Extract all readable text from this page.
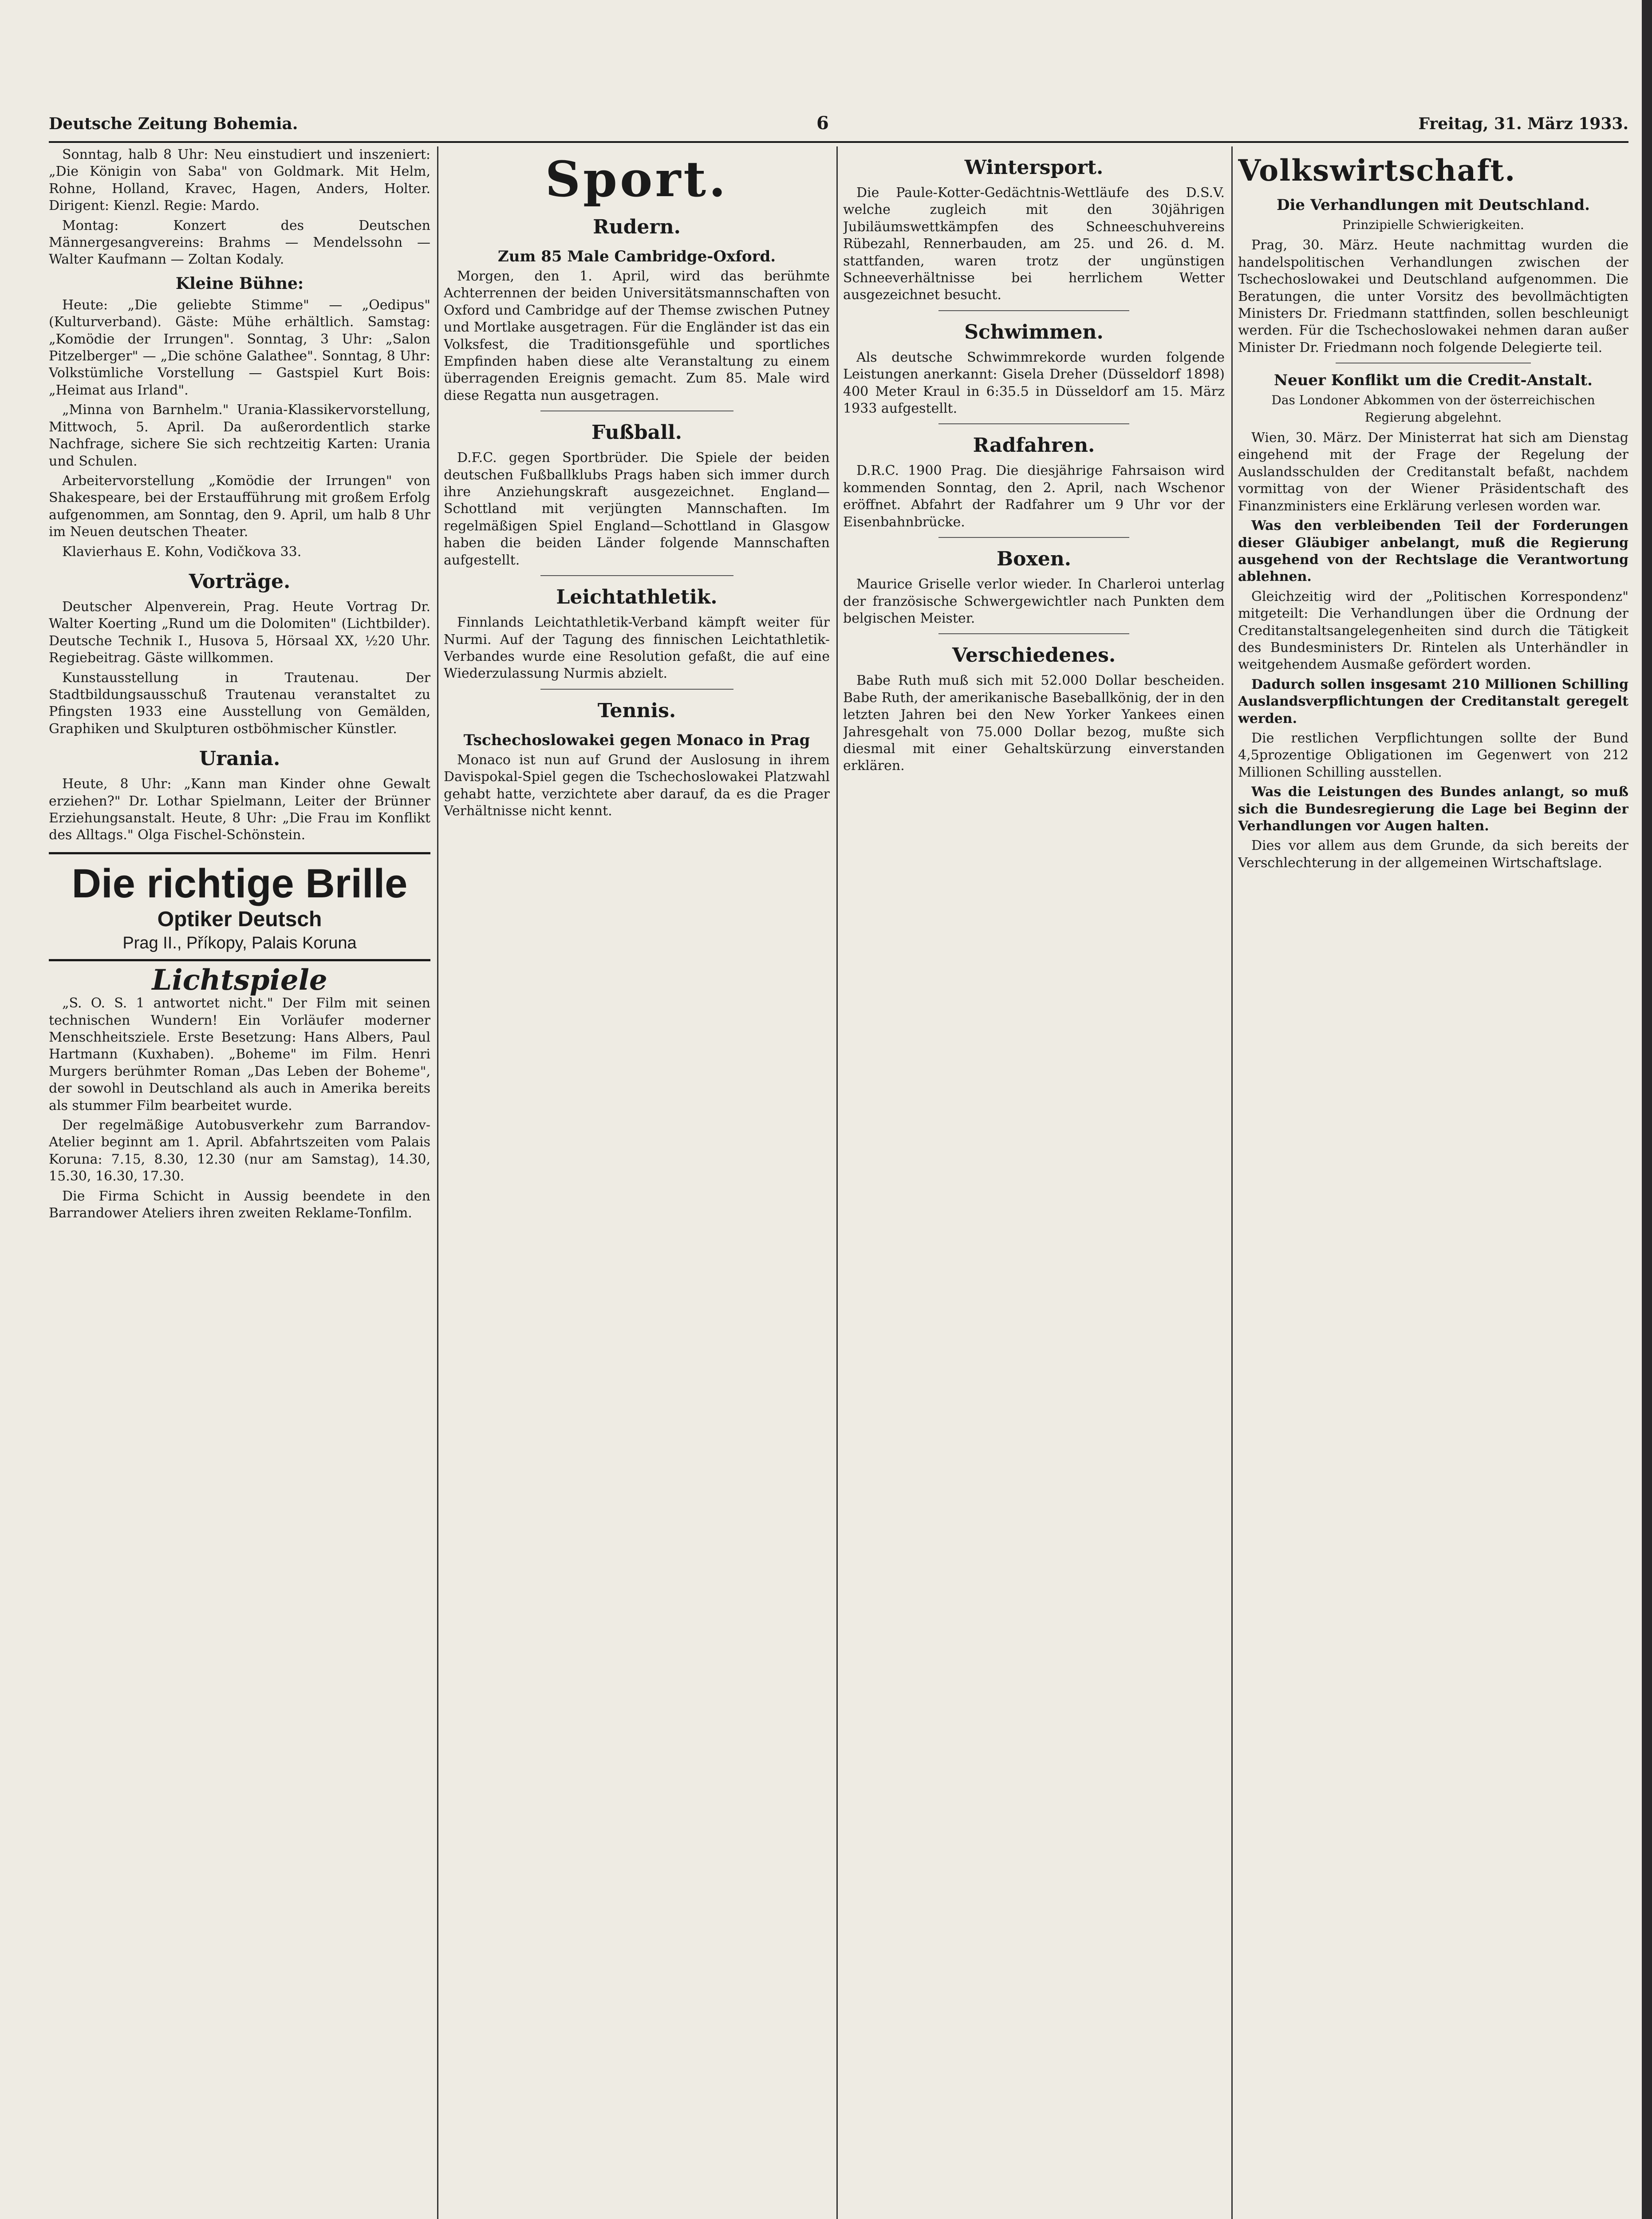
Deutsche Zeitung Bohemia.	6	Freitag, 31. März 1933.

Sonntag, halb 8 Uhr: Neu einstudiert und inszeniert: „Die Königin von Saba" von Goldmark. Mit Helm, Rohne, Holland, Kravec, Hagen, Anders, Holter. Dirigent: Kienzl. Regie: Mardo.

Montag: Konzert des Deutschen Männergesangvereins: Brahms — Mendelssohn — Walter Kaufmann — Zoltan Kodaly.

Kleine Bühne:

Heute: „Die geliebte Stimme" — „Oedipus" (Kulturverband). Gäste: Mühe erhältlich. Samstag: „Komödie der Irrungen". Sonntag, 3 Uhr: „Salon Pitzelberger" — „Die schöne Galathee". Sonntag, 8 Uhr: Volkstümliche Vorstellung — Gastspiel Kurt Bois: „Heimat aus Irland".

„Minna von Barnhelm." Urania-Klassikervorstellung, Mittwoch, 5. April. Da außerordentlich starke Nachfrage, sichere Sie sich rechtzeitig Karten: Urania und Schulen.

Arbeitervorstellung „Komödie der Irrungen" von Shakespeare, bei der Erstaufführung mit großem Erfolg aufgenommen, am Sonntag, den 9. April, um halb 8 Uhr im Neuen deutschen Theater.

Klavierhaus E. Kohn, Vodičkova 33.

Vorträge.

Deutscher Alpenverein, Prag. Heute Vortrag Dr. Walter Koerting „Rund um die Dolomiten" (Lichtbilder). Deutsche Technik I., Husova 5, Hörsaal XX, ½20 Uhr. Regiebeitrag. Gäste willkommen.

Kunstausstellung in Trautenau. Der Stadtbildungsausschuß Trautenau veranstaltet zu Pfingsten 1933 eine Ausstellung von Gemälden, Graphiken und Skulpturen ostböhmischer Künstler.

Urania.

Heute, 8 Uhr: „Kann man Kinder ohne Gewalt erziehen?" Dr. Lothar Spielmann, Leiter der Brünner Erziehungsanstalt. Heute, 8 Uhr: „Die Frau im Konflikt des Alltags." Olga Fischel-Schönstein.

Die richtige Brille
Optiker Deutsch
Prag II., Příkopy, Palais Koruna
Lichtspiele

„S. O. S. 1 antwortet nicht." Der Film mit seinen technischen Wundern! Ein Vorläufer moderner Menschheitsziele. Erste Besetzung: Hans Albers, Paul Hartmann (Kuxhaben). „Boheme" im Film. Henri Murgers berühmter Roman „Das Leben der Boheme", der sowohl in Deutschland als auch in Amerika bereits als stummer Film bearbeitet wurde.

Der regelmäßige Autobusverkehr zum Barrandov-Atelier beginnt am 1. April. Abfahrtszeiten vom Palais Koruna: 7.15, 8.30, 12.30 (nur am Samstag), 14.30, 15.30, 16.30, 17.30.

Die Firma Schicht in Aussig beendete in den Barrandower Ateliers ihren zweiten Reklame-Tonfilm.

Sport.
Rudern.
Zum 85 Male Cambridge-Oxford.

Morgen, den 1. April, wird das berühmte Achterrennen der beiden Universitätsmannschaften von Oxford und Cambridge auf der Themse zwischen Putney und Mortlake ausgetragen. Für die Engländer ist das ein Volksfest, die Traditionsgefühle und sportliches Empfinden haben diese alte Veranstaltung zu einem überragenden Ereignis gemacht. Zum 85. Male wird diese Regatta nun ausgetragen.

Fußball.

D.F.C. gegen Sportbrüder. Die Spiele der beiden deutschen Fußballklubs Prags haben sich immer durch ihre Anziehungskraft ausgezeichnet. England—Schottland mit verjüngten Mannschaften. Im regelmäßigen Spiel England—Schottland in Glasgow haben die beiden Länder folgende Mannschaften aufgestellt.

Leichtathletik.

Finnlands Leichtathletik-Verband kämpft weiter für Nurmi. Auf der Tagung des finnischen Leichtathletik-Verbandes wurde eine Resolution gefaßt, die auf eine Wiederzulassung Nurmis abzielt.

Tennis.
Tschechoslowakei gegen Monaco in Prag

Monaco ist nun auf Grund der Auslosung in ihrem Davispokal-Spiel gegen die Tschechoslowakei Platzwahl gehabt hatte, verzichtete aber darauf, da es die Prager Verhältnisse nicht kennt.

Wintersport.

Die Paule-Kotter-Gedächtnis-Wettläufe des D.S.V. welche zugleich mit den 30jährigen Jubiläumswettkämpfen des Schneeschuhvereins Rübezahl, Rennerbauden, am 25. und 26. d. M. stattfanden, waren trotz der ungünstigen Schneeverhältnisse bei herrlichem Wetter ausgezeichnet besucht.

Schwimmen.

Als deutsche Schwimmrekorde wurden folgende Leistungen anerkannt: Gisela Dreher (Düsseldorf 1898) 400 Meter Kraul in 6:35.5 in Düsseldorf am 15. März 1933 aufgestellt.

Radfahren.

D.R.C. 1900 Prag. Die diesjährige Fahrsaison wird kommenden Sonntag, den 2. April, nach Wschenor eröffnet. Abfahrt der Radfahrer um 9 Uhr vor der Eisenbahnbrücke.

Boxen.

Maurice Griselle verlor wieder. In Charleroi unterlag der französische Schwergewichtler nach Punkten dem belgischen Meister.

Verschiedenes.

Babe Ruth muß sich mit 52.000 Dollar bescheiden. Babe Ruth, der amerikanische Baseballkönig, der in den letzten Jahren bei den New Yorker Yankees einen Jahresgehalt von 75.000 Dollar bezog, mußte sich diesmal mit einer Gehaltskürzung einverstanden erklären.

Volkswirtschaft.
Die Verhandlungen mit Deutschland.
Prinzipielle Schwierigkeiten.

Prag, 30. März. Heute nachmittag wurden die handelspolitischen Verhandlungen zwischen der Tschechoslowakei und Deutschland aufgenommen. Die Beratungen, die unter Vorsitz des bevollmächtigten Ministers Dr. Friedmann stattfinden, sollen beschleunigt werden. Für die Tschechoslowakei nehmen daran außer Minister Dr. Friedmann noch folgende Delegierte teil.

Neuer Konflikt um die Credit-Anstalt.
Das Londoner Abkommen von der österreichischen Regierung abgelehnt.

Wien, 30. März. Der Ministerrat hat sich am Dienstag eingehend mit der Frage der Regelung der Auslandsschulden der Creditanstalt befaßt, nachdem vormittag von der Wiener Präsidentschaft des Finanzministers eine Erklärung verlesen worden war.

Was den verbleibenden Teil der Forderungen dieser Gläubiger anbelangt, muß die Regierung ausgehend von der Rechtslage die Verantwortung ablehnen.

Gleichzeitig wird der „Politischen Korrespondenz" mitgeteilt: Die Verhandlungen über die Ordnung der Creditanstaltsangelegenheiten sind durch die Tätigkeit des Bundesministers Dr. Rintelen als Unterhändler in weitgehendem Ausmaße gefördert worden.

Dadurch sollen insgesamt 210 Millionen Schilling Auslandsverpflichtungen der Creditanstalt geregelt werden.

Die restlichen Verpflichtungen sollte der Bund 4,5prozentige Obligationen im Gegenwert von 212 Millionen Schilling ausstellen.

Was die Leistungen des Bundes anlangt, so muß sich die Bundesregierung die Lage bei Beginn der Verhandlungen vor Augen halten.

Dies vor allem aus dem Grunde, da sich bereits der Verschlechterung in der allgemeinen Wirtschaftslage.
